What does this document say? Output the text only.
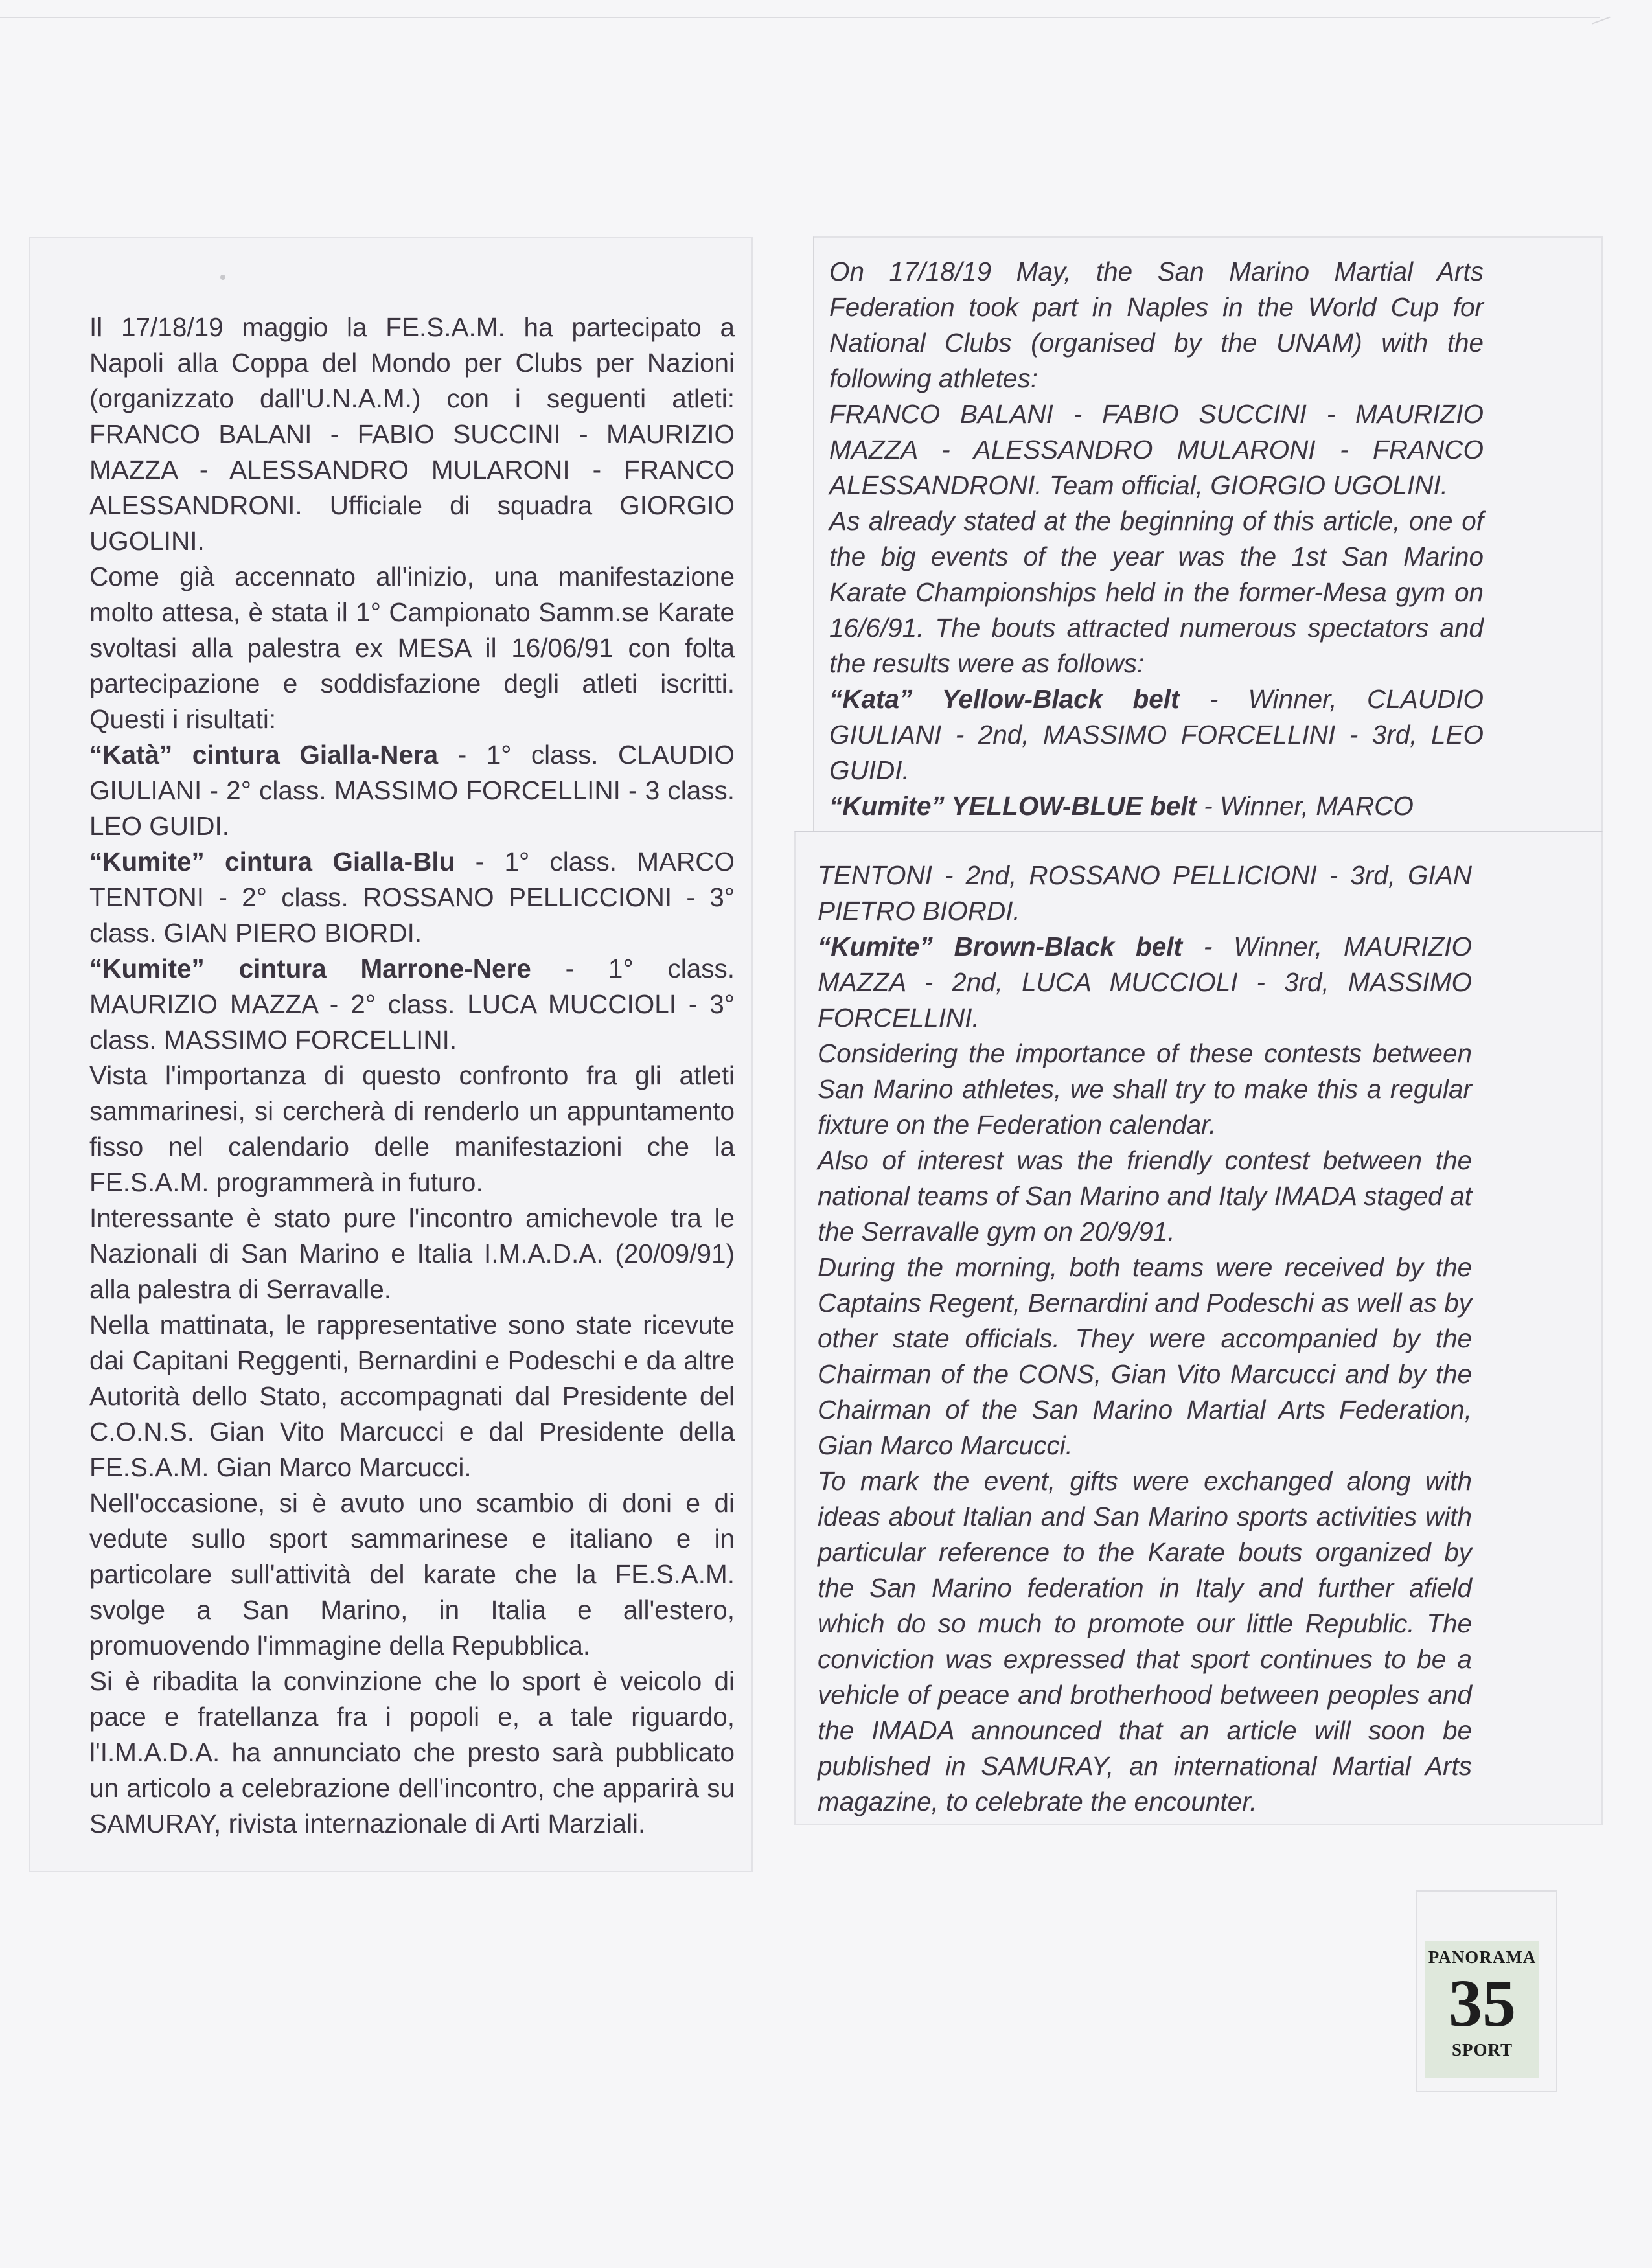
Il 17/18/19 maggio la FE.S.A.M. ha partecipato a Napoli alla Coppa del Mondo per Clubs per Nazioni (organizzato dall'U.N.A.M.) con i seguenti atleti: FRANCO BALANI - FABIO SUCCINI - MAURIZIO MAZZA - ALESSANDRO MULARONI - FRANCO ALESSANDRONI. Ufficiale di squadra GIORGIO UGOLINI.

Come già accennato all'inizio, una manifestazione molto attesa, è stata il 1° Campionato Samm.se Karate svoltasi alla palestra ex MESA il 16/06/91 con folta partecipazione e soddisfazione degli atleti iscritti. Questi i risultati:

“Katà” cintura Gialla-Nera - 1° class. CLAUDIO GIULIANI - 2° class. MASSIMO FORCELLINI - 3 class. LEO GUIDI.

“Kumite” cintura Gialla-Blu - 1° class. MARCO TENTONI - 2° class. ROSSANO PELLICCIONI - 3° class. GIAN PIERO BIORDI.

“Kumite” cintura Marrone-Nere - 1° class. MAURIZIO MAZZA - 2° class. LUCA MUCCIOLI - 3° class. MASSIMO FORCELLINI.

Vista l'importanza di questo confronto fra gli atleti sammarinesi, si cercherà di renderlo un appuntamento fisso nel calendario delle manifestazioni che la FE.S.A.M. programmerà in futuro.

Interessante è stato pure l'incontro amichevole tra le Nazionali di San Marino e Italia I.M.A.D.A. (20/09/91) alla palestra di Serravalle.

Nella mattinata, le rappresentative sono state ricevute dai Capitani Reggenti, Bernardini e Podeschi e da altre Autorità dello Stato, accompagnati dal Presidente del C.O.N.S. Gian Vito Marcucci e dal Presidente della FE.S.A.M. Gian Marco Marcucci.

Nell'occasione, si è avuto uno scambio di doni e di vedute sullo sport sammarinese e italiano e in particolare sull'attività del karate che la FE.S.A.M. svolge a San Marino, in Italia e all'estero, promuovendo l'immagine della Repubblica.

Si è ribadita la convinzione che lo sport è veicolo di pace e fratellanza fra i popoli e, a tale riguardo, l'I.M.A.D.A. ha annunciato che presto sarà pubblicato un articolo a celebrazione dell'incontro, che apparirà su SAMURAY, rivista internazionale di Arti Marziali.

On 17/18/19 May, the San Marino Martial Arts Federation took part in Naples in the World Cup for National Clubs (organised by the UNAM) with the following athletes:

FRANCO BALANI - FABIO SUCCINI - MAURIZIO MAZZA - ALESSANDRO MULARONI - FRANCO ALESSANDRONI. Team official, GIORGIO UGOLINI.

As already stated at the beginning of this article, one of the big events of the year was the 1st San Marino Karate Championships held in the former-Mesa gym on 16/6/91. The bouts attracted numerous spectators and the results were as follows:

“Kata” Yellow-Black belt - Winner, CLAUDIO GIULIANI - 2nd, MASSIMO FORCELLINI - 3rd, LEO GUIDI.

“Kumite” YELLOW-BLUE belt - Winner, MARCO

TENTONI - 2nd, ROSSANO PELLICIONI - 3rd, GIAN PIETRO BIORDI.

“Kumite” Brown-Black belt - Winner, MAURIZIO MAZZA - 2nd, LUCA MUCCIOLI - 3rd, MASSIMO FORCELLINI.

Considering the importance of these contests between San Marino athletes, we shall try to make this a regular fixture on the Federation calendar.

Also of interest was the friendly contest between the national teams of San Marino and Italy IMADA staged at the Serravalle gym on 20/9/91.

During the morning, both teams were received by the Captains Regent, Bernardini and Podeschi as well as by other state officials. They were accompanied by the Chairman of the CONS, Gian Vito Marcucci and by the Chairman of the San Marino Martial Arts Federation, Gian Marco Marcucci.

To mark the event, gifts were exchanged along with ideas about Italian and San Marino sports activities with particular reference to the Karate bouts organized by the San Marino federation in Italy and further afield which do so much to promote our little Republic. The conviction was expressed that sport continues to be a vehicle of peace and brotherhood between peoples and the IMADA announced that an article will soon be published in SAMURAY, an international Martial Arts magazine, to celebrate the encounter.

PANORAMA
35
SPORT
